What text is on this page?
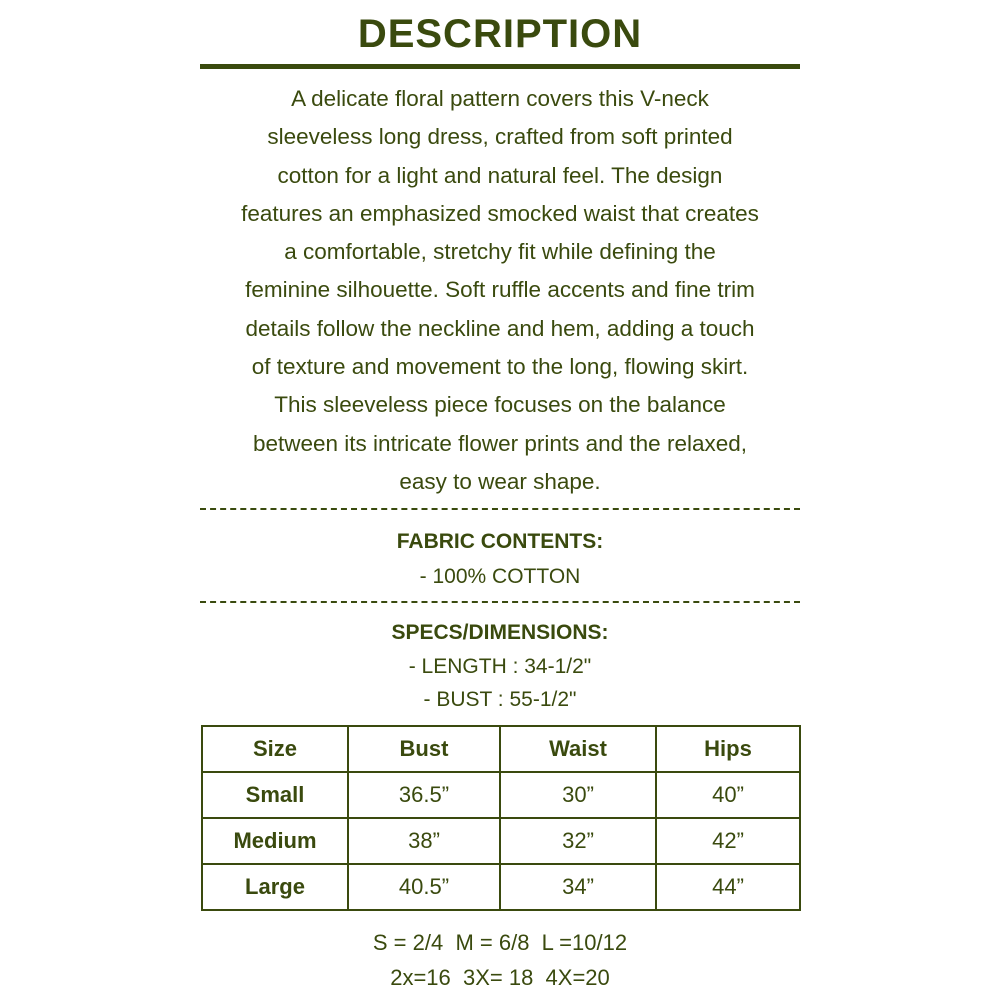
DESCRIPTION
A delicate floral pattern covers this V-neck
sleeveless long dress, crafted from soft printed
cotton for a light and natural feel. The design
features an emphasized smocked waist that creates
a comfortable, stretchy fit while defining the
feminine silhouette. Soft ruffle accents and fine trim
details follow the neckline and hem, adding a touch
of texture and movement to the long, flowing skirt.
This sleeveless piece focuses on the balance
between its intricate flower prints and the relaxed,
easy to wear shape.
FABRIC CONTENTS:
- 100% COTTON
SPECS/DIMENSIONS:
- LENGTH : 34-1/2"
- BUST : 55-1/2"
Size	Bust	Waist	Hips
Small	36.5”	30”	40”
Medium	38”	32”	42”
Large	40.5”	34”	44”
S = 2/4  M = 6/8  L =10/12
2x=16  3X= 18  4X=20
